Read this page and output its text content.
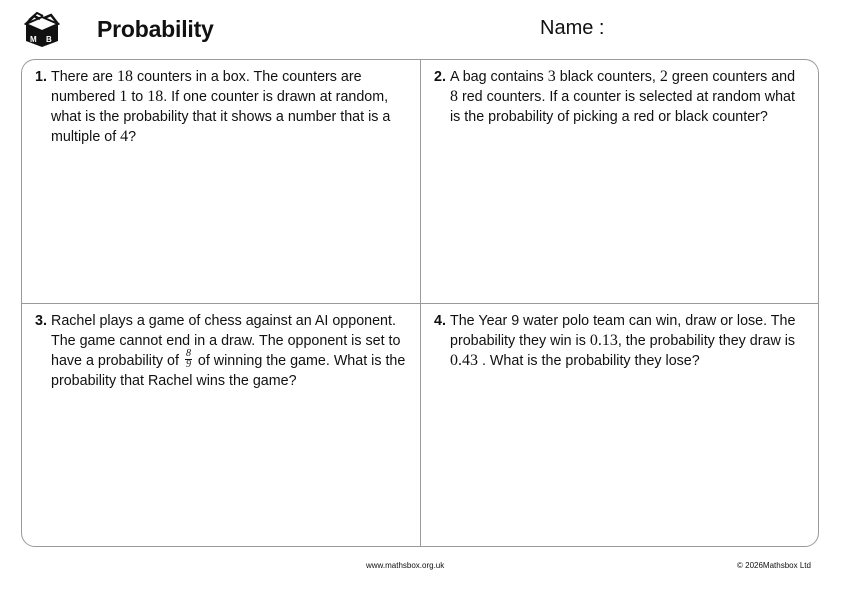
M B Probability	Name :
1. There are 18 counters in a box. The counters are numbered 1 to 18. If one counter is drawn at random, what is the probability that it shows a number that is a multiple of 4?
2. A bag contains 3 black counters, 2 green counters and 8 red counters. If a counter is selected at random what is the probability of picking a red or black counter?
3. Rachel plays a game of chess against an AI opponent. The game cannot end in a draw. The opponent is set to have a probability of $\frac{8}{9}$ of winning the game. What is the probability that Rachel wins the game?
4. The Year 9 water polo team can win, draw or lose. The probability they win is 0.13, the probability they draw is 0.43 . What is the probability they lose?
www.mathsbox.org.uk	© 2026Mathsbox Ltd
